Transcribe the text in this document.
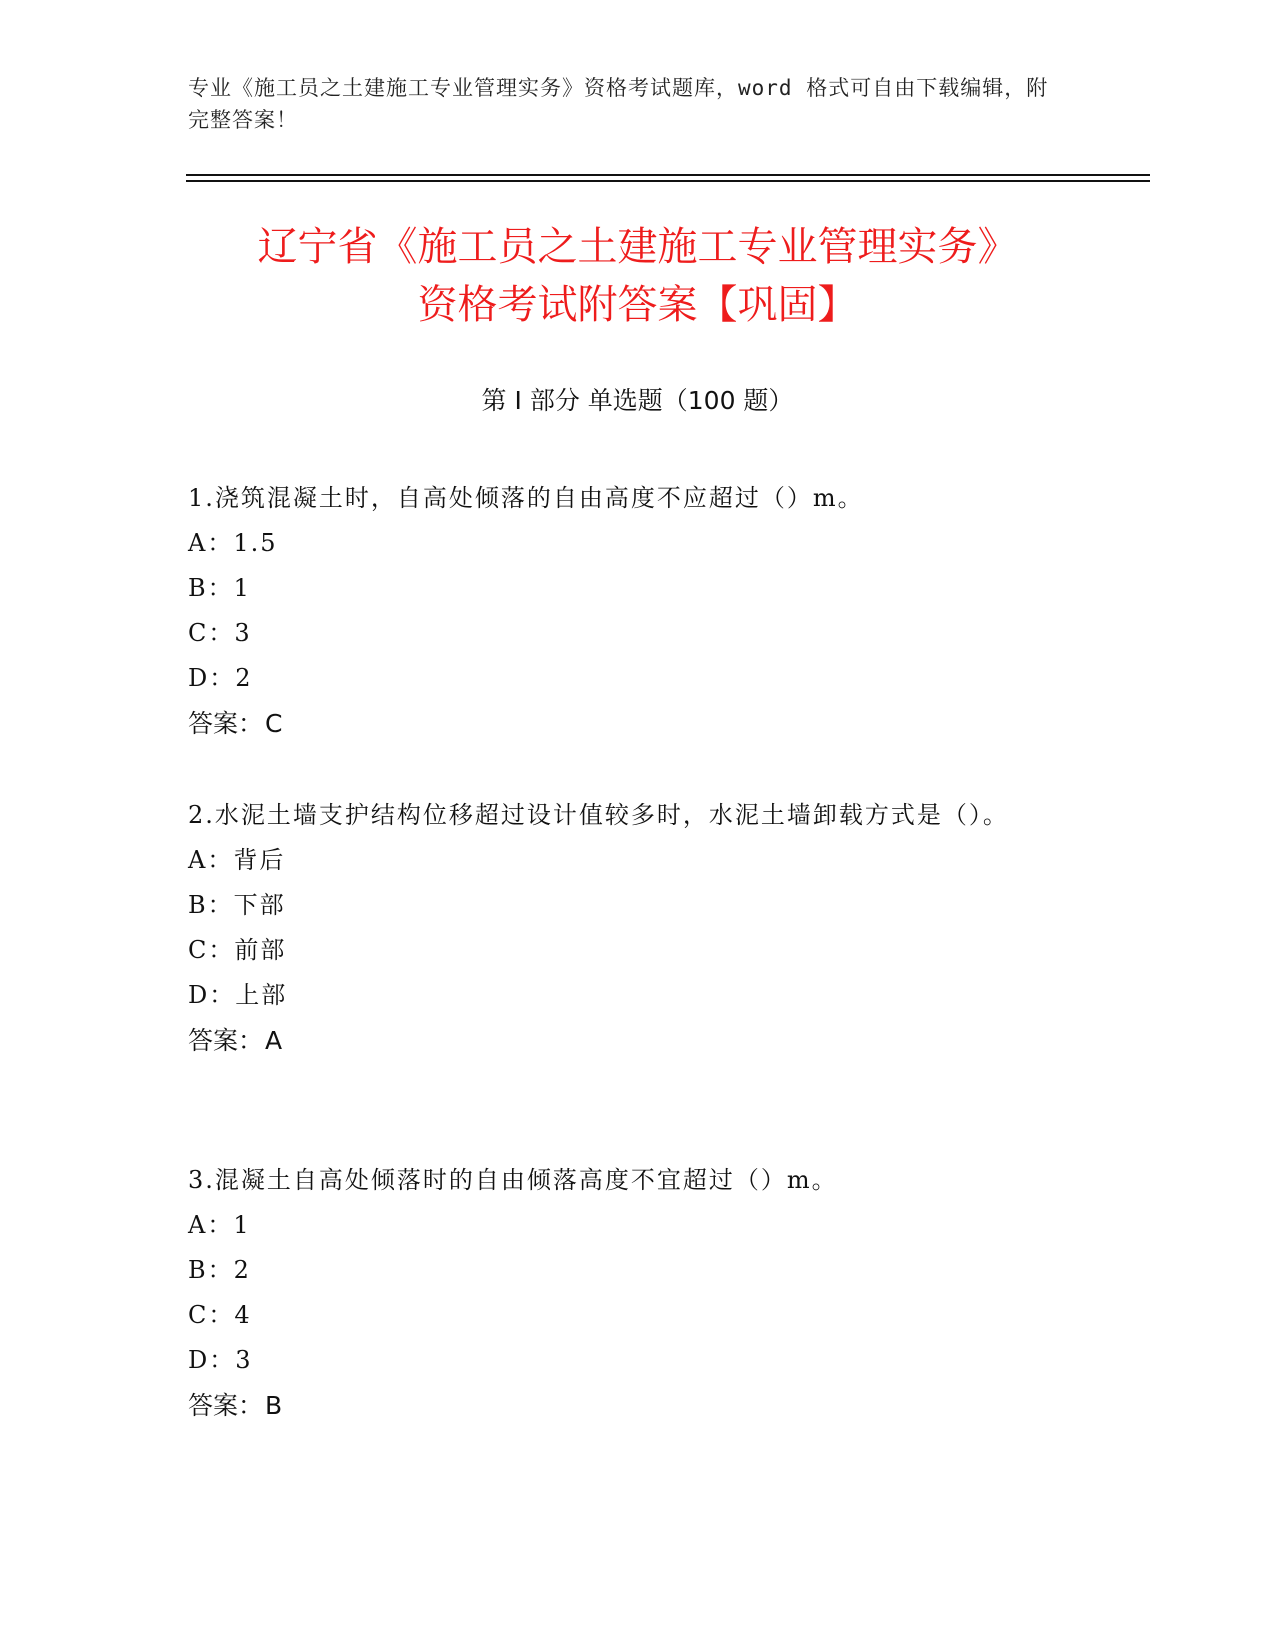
专业《施工员之土建施工专业管理实务》资格考试题库，word 格式可自由下载编辑，附完整答案！
辽宁省《施工员之土建施工专业管理实务》
资格考试附答案【巩固】
第 I 部分 单选题（100 题）

1.浇筑混凝土时，自高处倾落的自由高度不应超过（）m。

A：1.5

B：1

C：3

D：2

答案：C

2.水泥土墙支护结构位移超过设计值较多时，水泥土墙卸载方式是（）。

A：背后

B：下部

C：前部

D：上部

答案：A

3.混凝土自高处倾落时的自由倾落高度不宜超过（）m。

A：1

B：2

C：4

D：3

答案：B
